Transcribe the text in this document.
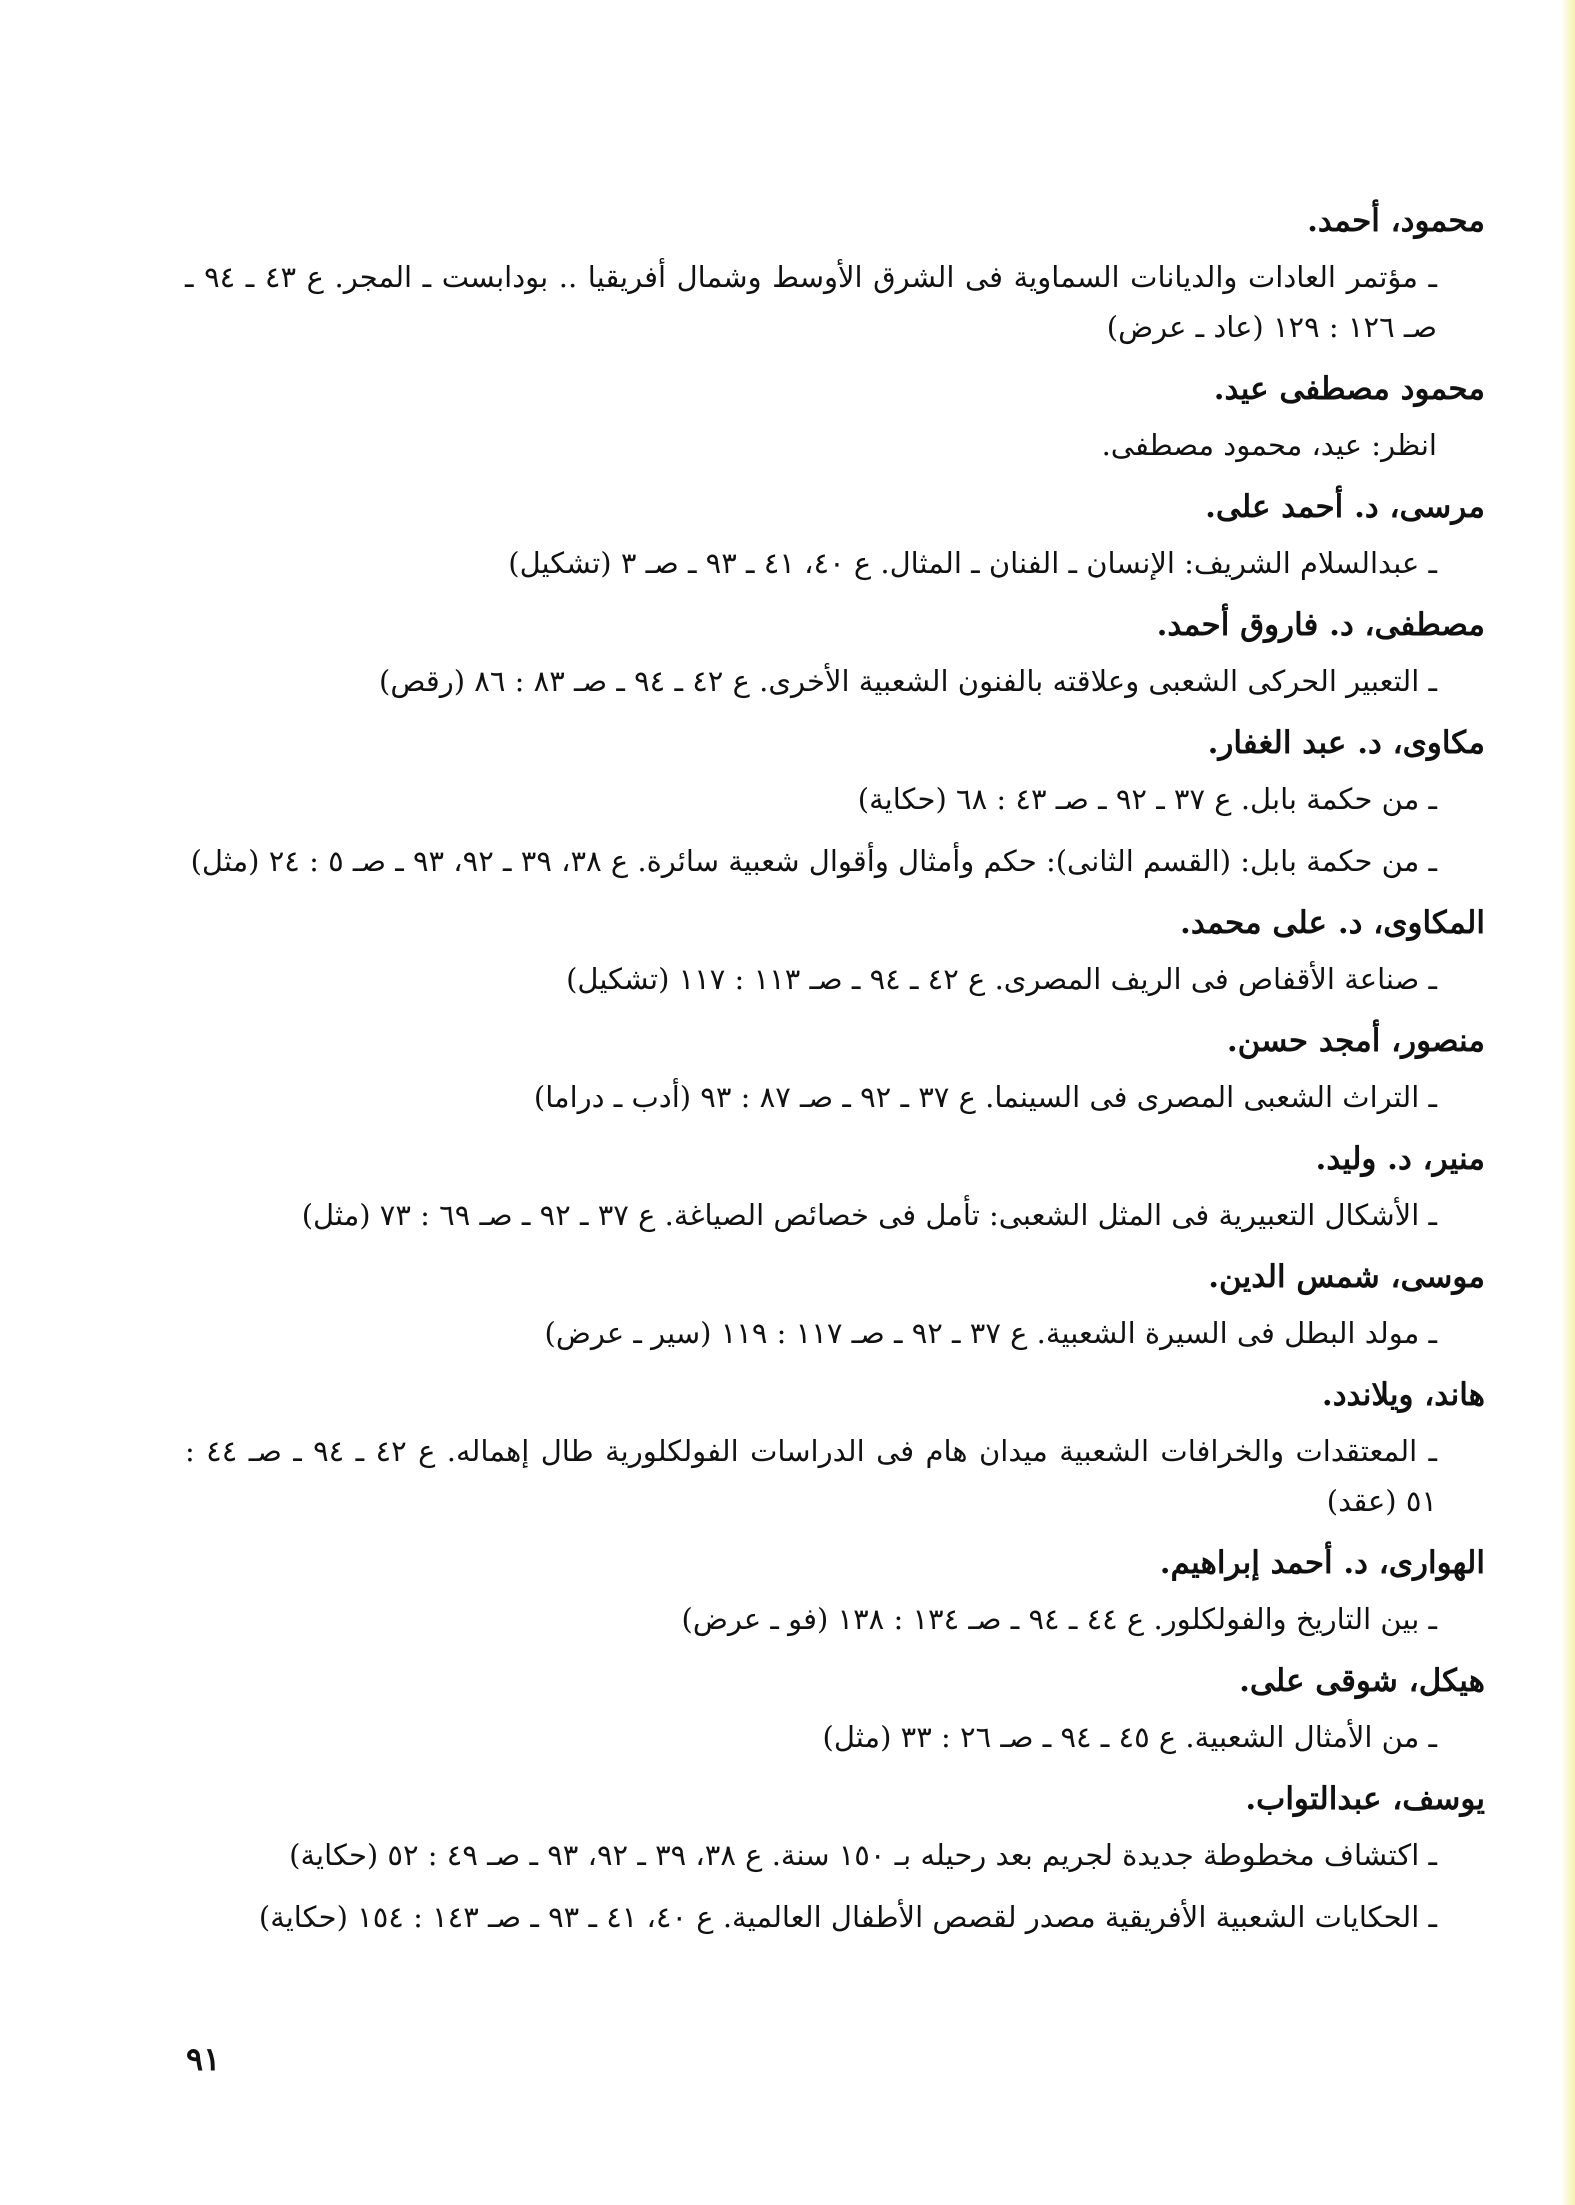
محمود، أحمد.
ـ مؤتمر العادات والديانات السماوية فى الشرق الأوسط وشمال أفريقيا .. بودابست ـ المجر. ع ٤٣ ـ ٩٤ ـ صـ ١٢٦ : ١٢٩ (عاد ـ عرض)
محمود مصطفى عيد.
انظر: عيد، محمود مصطفى.
مرسى، د. أحمد على.
ـ عبدالسلام الشريف: الإنسان ـ الفنان ـ المثال. ع ٤٠، ٤١ ـ ٩٣ ـ صـ ٣ (تشكيل)
مصطفى، د. فاروق أحمد.
ـ التعبير الحركى الشعبى وعلاقته بالفنون الشعبية الأخرى. ع ٤٢ ـ ٩٤ ـ صـ ٨٣ : ٨٦ (رقص)
مكاوى، د. عبد الغفار.
ـ من حكمة بابل. ع ٣٧ ـ ٩٢ ـ صـ ٤٣ : ٦٨ (حكاية)
ـ من حكمة بابل: (القسم الثانى): حكم وأمثال وأقوال شعبية سائرة. ع ٣٨، ٣٩ ـ ٩٢، ٩٣ ـ صـ ٥ : ٢٤ (مثل)
المكاوى، د. على محمد.
ـ صناعة الأقفاص فى الريف المصرى. ع ٤٢ ـ ٩٤ ـ صـ ١١٣ : ١١٧ (تشكيل)
منصور، أمجد حسن.
ـ التراث الشعبى المصرى فى السينما. ع ٣٧ ـ ٩٢ ـ صـ ٨٧ : ٩٣ (أدب ـ دراما)
منير، د. وليد.
ـ الأشكال التعبيرية فى المثل الشعبى: تأمل فى خصائص الصياغة. ع ٣٧ ـ ٩٢ ـ صـ ٦٩ : ٧٣ (مثل)
موسى، شمس الدين.
ـ مولد البطل فى السيرة الشعبية. ع ٣٧ ـ ٩٢ ـ صـ ١١٧ : ١١٩ (سير ـ عرض)
هاند، ويلاندد.
ـ المعتقدات والخرافات الشعبية ميدان هام فى الدراسات الفولكلورية طال إهماله. ع ٤٢ ـ ٩٤ ـ صـ ٤٤ : ٥١ (عقد)
الهوارى، د. أحمد إبراهيم.
ـ بين التاريخ والفولكلور. ع ٤٤ ـ ٩٤ ـ صـ ١٣٤ : ١٣٨ (فو ـ عرض)
هيكل، شوقى على.
ـ من الأمثال الشعبية. ع ٤٥ ـ ٩٤ ـ صـ ٢٦ : ٣٣ (مثل)
يوسف، عبدالتواب.
ـ اكتشاف مخطوطة جديدة لجريم بعد رحيله بـ ١٥٠ سنة. ع ٣٨، ٣٩ ـ ٩٢، ٩٣ ـ صـ ٤٩ : ٥٢ (حكاية)
ـ الحكايات الشعبية الأفريقية مصدر لقصص الأطفال العالمية. ع ٤٠، ٤١ ـ ٩٣ ـ صـ ١٤٣ : ١٥٤ (حكاية)
٩١
